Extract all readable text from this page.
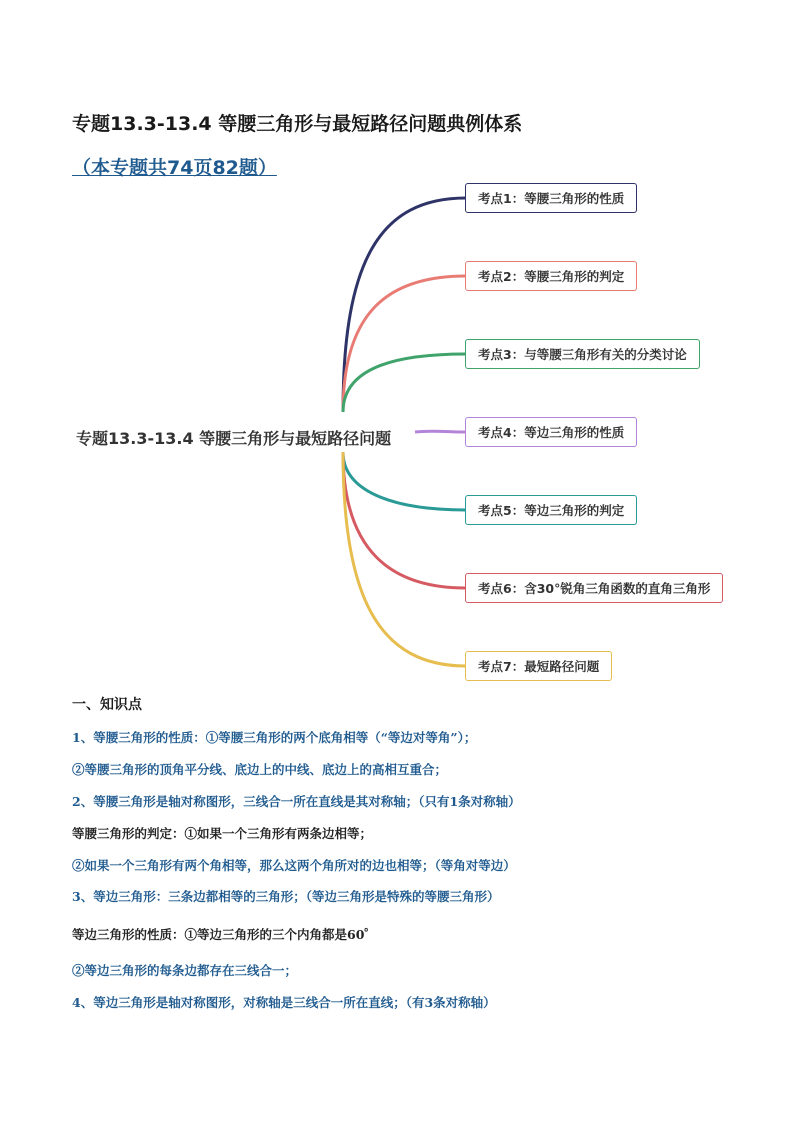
专题13.3-13.4 等腰三角形与最短路径问题典例体系（本专题共74页82题）
专题13.3-13.4 等腰三角形与最短路径问题
考点1：等腰三角形的性质
考点2：等腰三角形的判定
考点3：与等腰三角形有关的分类讨论
考点4：等边三角形的性质
考点5：等边三角形的判定
考点6：含30°锐角三角函数的直角三角形
考点7：最短路径问题
一、知识点
1、等腰三角形的性质：①等腰三角形的两个底角相等（“等边对等角”）；
②等腰三角形的顶角平分线、底边上的中线、底边上的高相互重合；
2、等腰三角形是轴对称图形，三线合一所在直线是其对称轴；（只有1条对称轴）
等腰三角形的判定：①如果一个三角形有两条边相等；
②如果一个三角形有两个角相等，那么这两个角所对的边也相等；（等角对等边）
3、等边三角形：三条边都相等的三角形；（等边三角形是特殊的等腰三角形）
等边三角形的性质：①等边三角形的三个内角都是60゜
②等边三角形的每条边都存在三线合一；
4、等边三角形是轴对称图形，对称轴是三线合一所在直线；（有3条对称轴）
